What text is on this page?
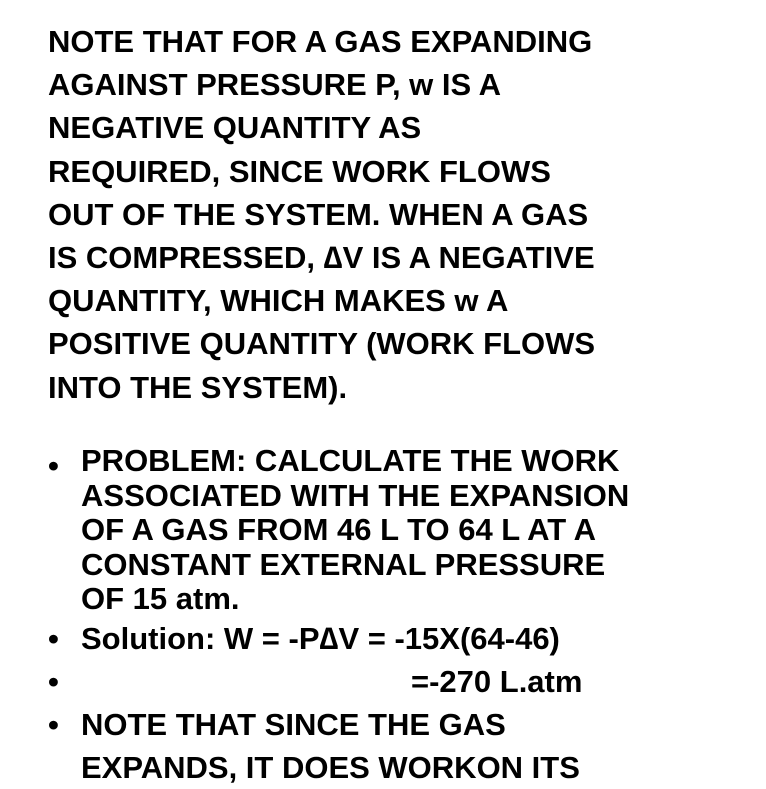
NOTE THAT FOR A GAS EXPANDING
AGAINST PRESSURE P, w IS A
NEGATIVE QUANTITY AS
REQUIRED, SINCE WORK FLOWS
OUT OF THE SYSTEM. WHEN A GAS
IS COMPRESSED, ∆V IS A NEGATIVE
QUANTITY, WHICH MAKES w A
POSITIVE QUANTITY (WORK FLOWS
INTO THE SYSTEM).
• PROBLEM: CALCULATE THE WORK
ASSOCIATED WITH THE EXPANSION
OF A GAS FROM 46 L TO 64 L AT A
CONSTANT EXTERNAL PRESSURE
OF 15 atm.
• Solution: W = -P∆V = -15X(64-46)
•
	=-270 L.atm
• NOTE THAT SINCE THE GAS
EXPANDS, IT DOES WORKON ITS
